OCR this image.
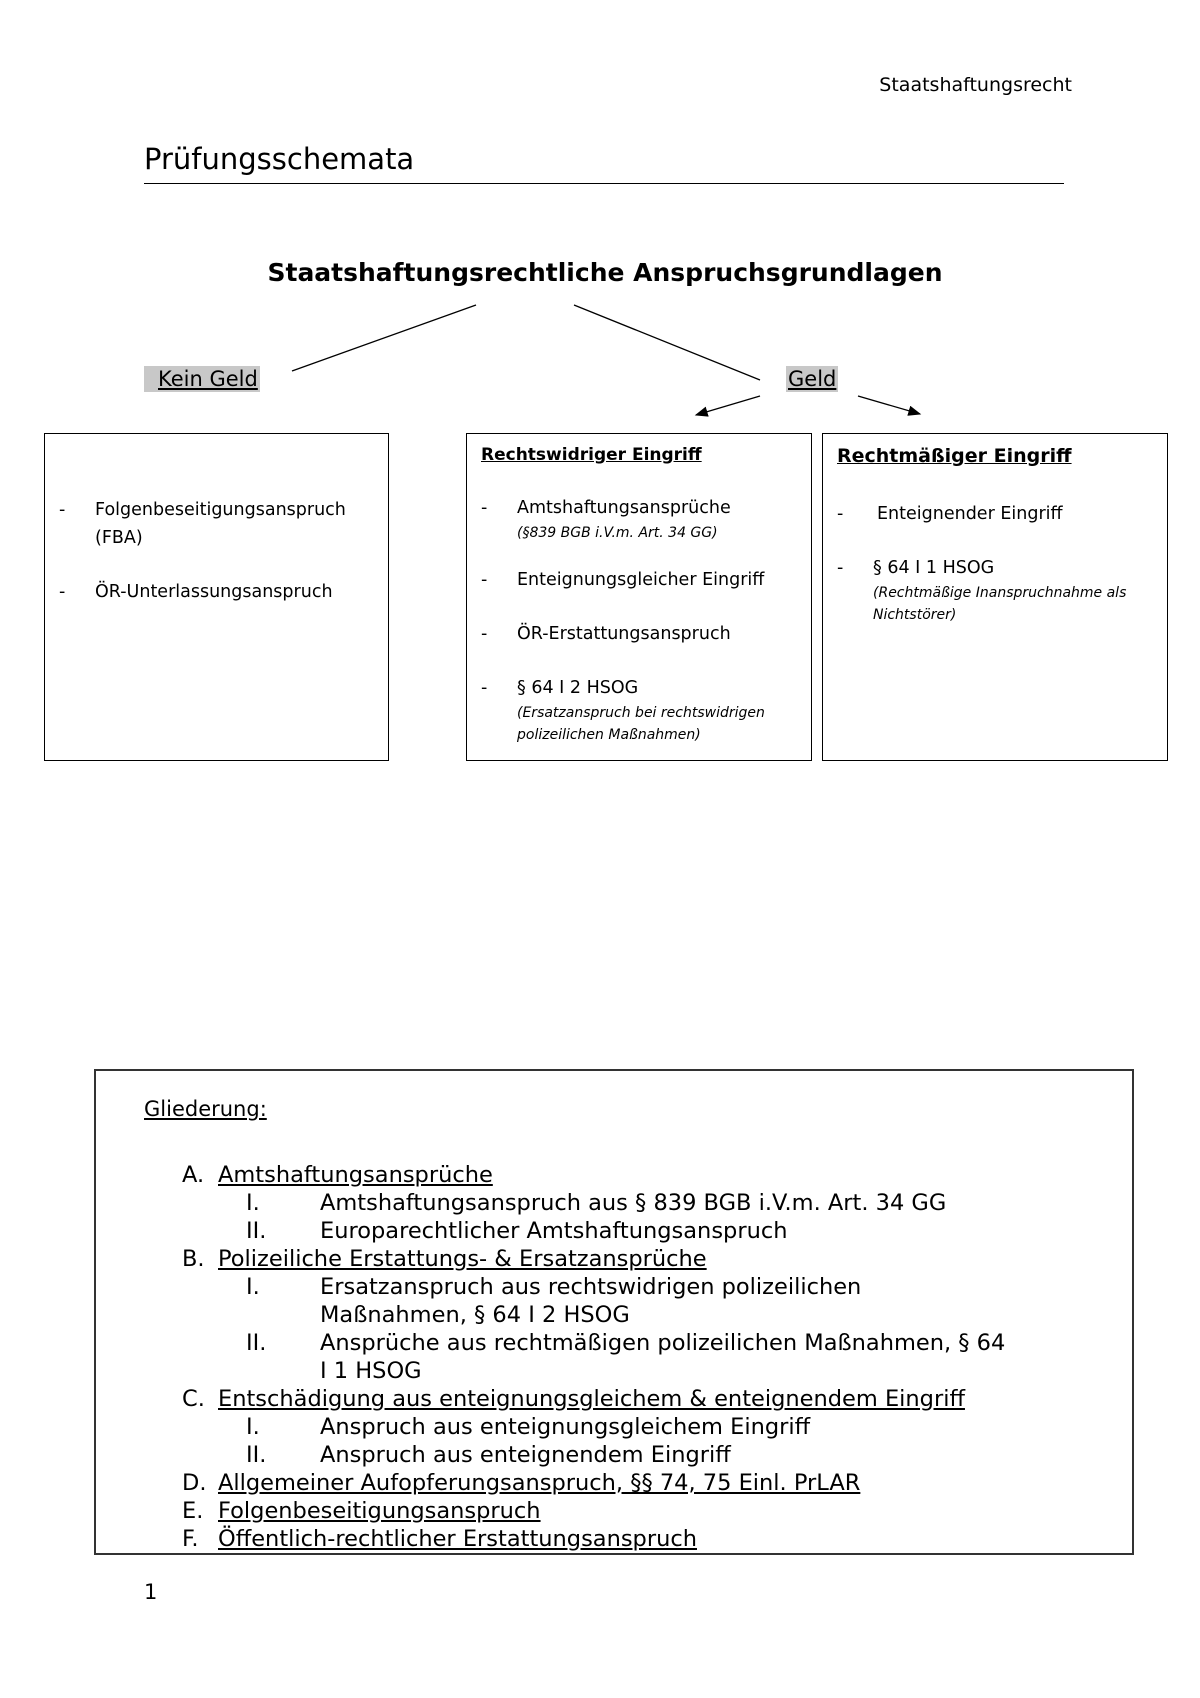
Staatshaftungsrecht
Prüfungsschemata
Staatshaftungsrechtliche Anspruchsgrundlagen
Kein Geld	Geld
- Folgenbeseitigungsanspruch
(FBA)
- ÖR-Unterlassungsanspruch
Rechtswidriger Eingriff
- Amtshaftungsansprüche
(§839 BGB i.V.m. Art. 34 GG)
- Enteignungsgleicher Eingriff
- ÖR-Erstattungsanspruch
- § 64 I 2 HSOG
(Ersatzanspruch bei rechtswidrigen
polizeilichen Maßnahmen)
Rechtmäßiger Eingriff
- Enteignender Eingriff
- § 64 I 1 HSOG
(Rechtmäßige Inanspruchnahme als
Nichtstörer)
Gliederung:
A. Amtshaftungsansprüche
I.	Amtshaftungsanspruch aus § 839 BGB i.V.m. Art. 34 GG
II.	Europarechtlicher Amtshaftungsanspruch
B. Polizeiliche Erstattungs- & Ersatzansprüche
I.	Ersatzanspruch aus rechtswidrigen polizeilichen
Maßnahmen, § 64 I 2 HSOG
II.	Ansprüche aus rechtmäßigen polizeilichen Maßnahmen, § 64
I 1 HSOG
C. Entschädigung aus enteignungsgleichem & enteignendem Eingriff
I.	Anspruch aus enteignungsgleichem Eingriff
II.	Anspruch aus enteignendem Eingriff
D. Allgemeiner Aufopferungsanspruch, §§ 74, 75 Einl. PrLAR
E. Folgenbeseitigungsanspruch
F. Öffentlich-rechtlicher Erstattungsanspruch
1
